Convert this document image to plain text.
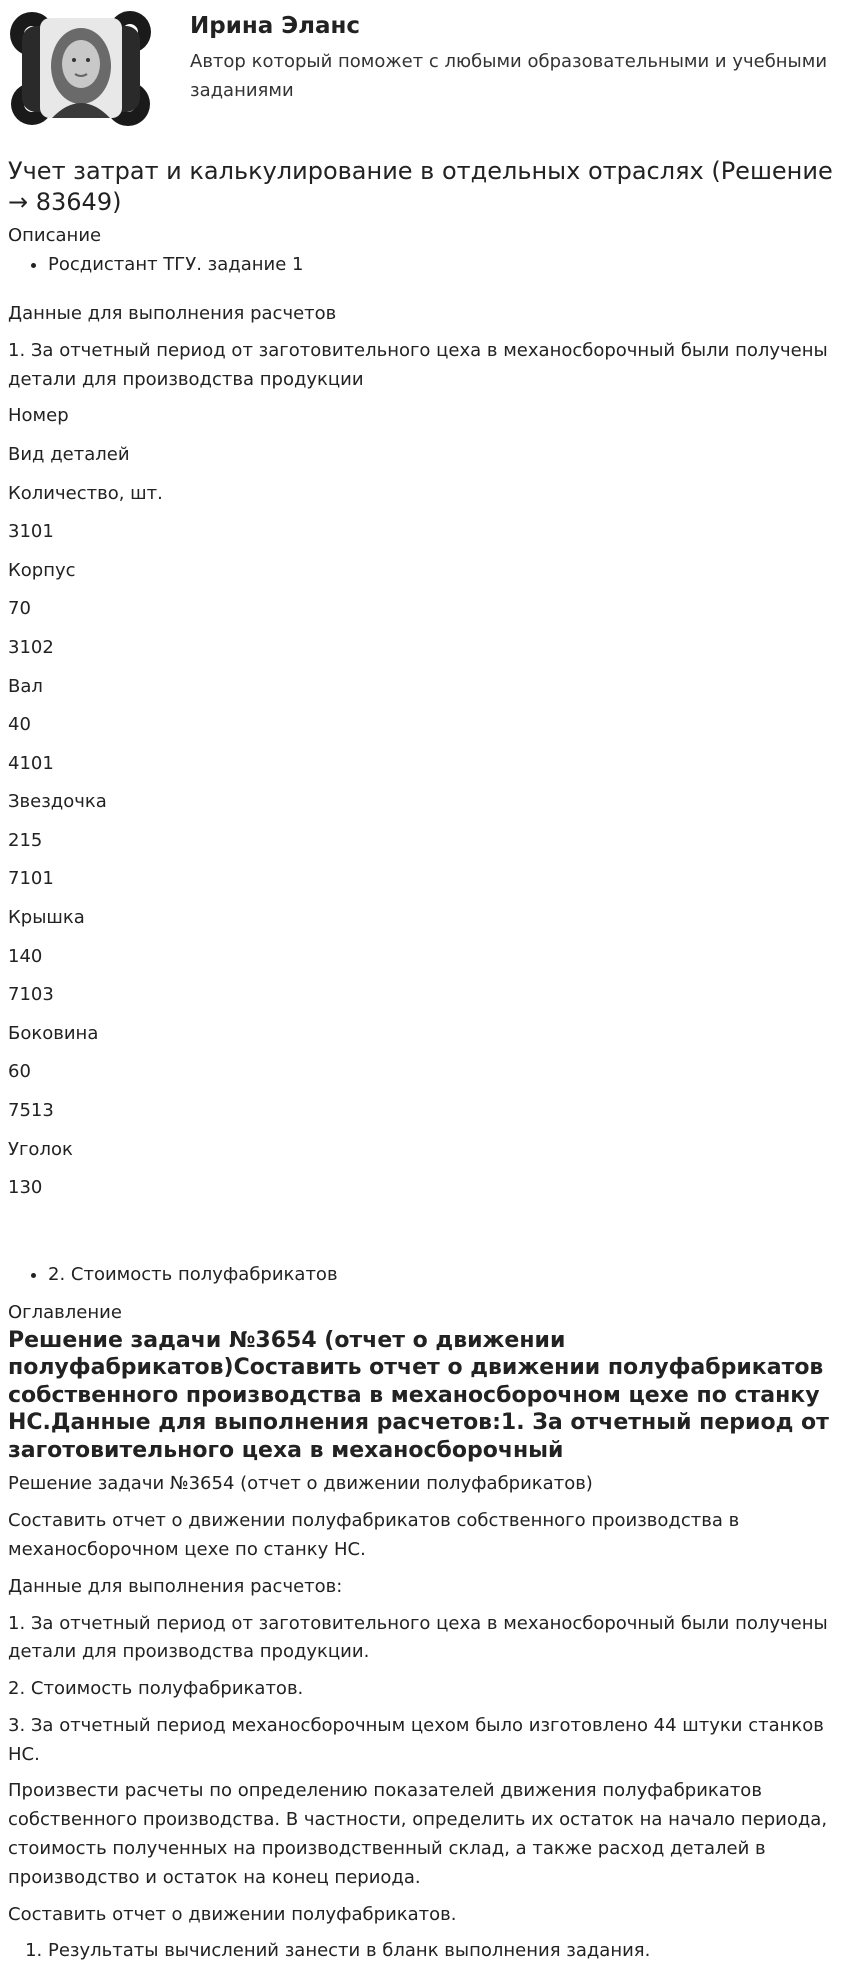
Ирина Эланс
Автор который поможет с любыми образовательными и учебными заданиями
Учет затрат и калькулирование в отдельных отраслях (Решение → 83649)
Описание
• Росдистант ТГУ. задание 1

Данные для выполнения расчетов

1. За отчетный период от заготовительного цеха в механосборочный были получены детали для производства продукции

Номер
Вид деталей
Количество, шт.
3101
Корпус
70
3102
Вал
40
4101
Звездочка
215
7101
Крышка
140
7103
Боковина
60
7513
Уголок
130
• 2. Стоимость полуфабрикатов
Оглавление
Решение задачи №3654 (отчет о движении полуфабрикатов)Составить отчет о движении полуфабрикатов собственного производства в механосборочном цехе по станку НС.Данные для выполнения расчетов:1. За отчетный период от заготовительного цеха в механосборочный

Решение задачи №3654 (отчет о движении полуфабрикатов)

Составить отчет о движении полуфабрикатов собственного производства в механосборочном цехе по станку НС.

Данные для выполнения расчетов:

1. За отчетный период от заготовительного цеха в механосборочный были получены детали для производства продукции.

2. Стоимость полуфабрикатов.

3. За отчетный период механосборочным цехом было изготовлено 44 штуки станков НС.

Произвести расчеты по определению показателей движения полуфабрикатов собственного производства. В частности, определить их остаток на начало периода, стоимость полученных на производственный склад, а также расход деталей в производство и остаток на конец периода.

Составить отчет о движении полуфабрикатов.

1. Результаты вычислений занести в бланк выполнения задания.
